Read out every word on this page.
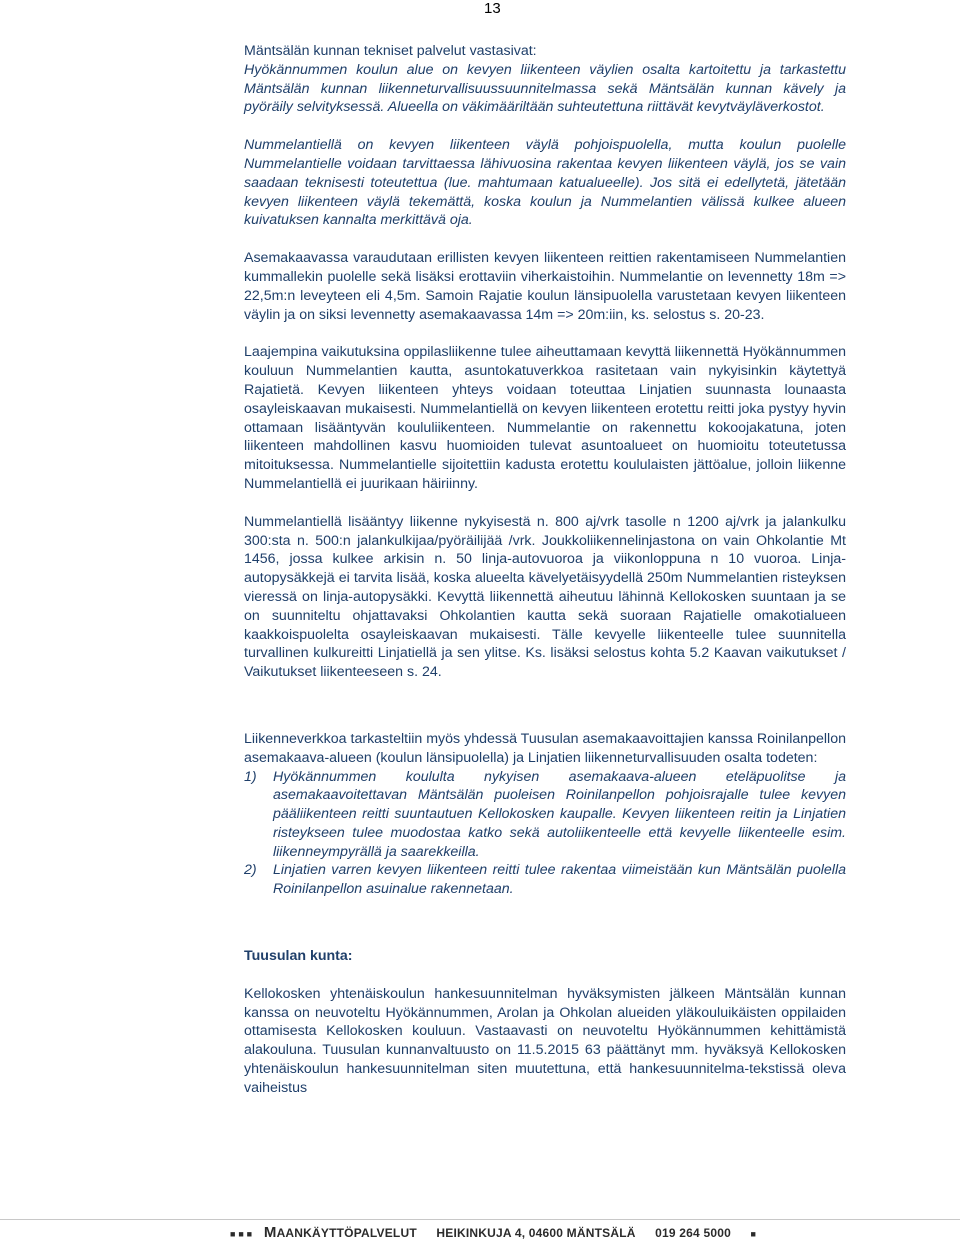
13

Mäntsälän kunnan tekniset palvelut vastasivat:

Hyökännummen koulun alue on kevyen liikenteen väylien osalta kartoitettu ja tarkastettu Mäntsälän kunnan liikenneturvallisuussuunnitelmassa sekä Mäntsälän kunnan kävely ja pyöräily selvityksessä. Alueella on väkimääriltään suhteutettuna riittävät kevytväyläverkostot.

Nummelantiellä on kevyen liikenteen väylä pohjoispuolella, mutta koulun puolelle Nummelantielle voidaan tarvittaessa lähivuosina rakentaa kevyen liikenteen väylä, jos se vain saadaan teknisesti toteutettua (lue. mahtumaan katualueelle). Jos sitä ei edellytetä, jätetään kevyen liikenteen väylä tekemättä, koska koulun ja Nummelantien välissä kulkee alueen kuivatuksen kannalta merkittävä oja.

Asemakaavassa varaudutaan erillisten kevyen liikenteen reittien rakentamiseen Nummelantien kummallekin puolelle sekä lisäksi erottaviin viherkaistoihin. Nummelantie on levennetty 18m => 22,5m:n leveyteen eli 4,5m. Samoin Rajatie koulun länsipuolella varustetaan kevyen liikenteen väylin ja on siksi levennetty asemakaavassa 14m => 20m:iin, ks. selostus s. 20-23.

Laajempina vaikutuksina oppilasliikenne tulee aiheuttamaan kevyttä liikennettä Hyökännummen kouluun Nummelantien kautta, asuntokatuverkkoa rasitetaan vain nykyisinkin käytettyä Rajatietä. Kevyen liikenteen yhteys voidaan toteuttaa Linjatien suunnasta lounaasta osayleiskaavan mukaisesti. Nummelantiellä on kevyen liikenteen erotettu reitti joka pystyy hyvin ottamaan lisääntyvän koululiikenteen. Nummelantie on rakennettu kokoojakatuna, joten liikenteen mahdollinen kasvu huomioiden tulevat asuntoalueet on huomioitu toteutetussa mitoituksessa. Nummelantielle sijoitettiin kadusta erotettu koululaisten jättöalue, jolloin liikenne Nummelantiellä ei juurikaan häiriinny.

Nummelantiellä lisääntyy liikenne nykyisestä n. 800 aj/vrk tasolle n 1200 aj/vrk ja jalankulku 300:sta n. 500:n jalankulkijaa/pyöräilijää /vrk. Joukkoliikennelinjastona on vain Ohkolantie Mt 1456, jossa kulkee arkisin n. 50 linja-autovuoroa ja viikonloppuna n 10 vuoroa. Linja-autopysäkkejä ei tarvita lisää, koska alueelta kävelyetäisyydellä 250m Nummelantien risteyksen vieressä on linja-autopysäkki. Kevyttä liikennettä aiheutuu lähinnä Kellokosken suuntaan ja se on suunniteltu ohjattavaksi Ohkolantien kautta sekä suoraan Rajatielle omakotialueen kaakkoispuolelta osayleiskaavan mukaisesti. Tälle kevyelle liikenteelle tulee suunnitella turvallinen kulkureitti Linjatiellä ja sen ylitse. Ks. lisäksi selostus kohta 5.2 Kaavan vaikutukset / Vaikutukset liikenteeseen s. 24.

Liikenneverkkoa tarkasteltiin myös yhdessä Tuusulan asemakaavoittajien kanssa Roinilanpellon asemakaava-alueen (koulun länsipuolella) ja Linjatien liikenneturvallisuuden osalta todeten:

1) Hyökännummen koululta nykyisen asemakaava-alueen eteläpuolitse ja asemakaavoitettavan Mäntsälän puoleisen Roinilanpellon pohjoisrajalle tulee kevyen pääliikenteen reitti suuntautuen Kellokosken kaupalle. Kevyen liikenteen reitin ja Linjatien risteykseen tulee muodostaa katko sekä autoliikenteelle että kevyelle liikenteelle esim. liikenneympyrällä ja saarekkeilla.
2) Linjatien varren kevyen liikenteen reitti tulee rakentaa viimeistään kun Mäntsälän puolella Roinilanpellon asuinalue rakennetaan.

Tuusulan kunta:

Kellokosken yhtenäiskoulun hankesuunnitelman hyväksymisten jälkeen Mäntsälän kunnan kanssa on neuvoteltu Hyökännummen, Arolan ja Ohkolan alueiden yläkouluikäisten oppilaiden ottamisesta Kellokosken kouluun. Vastaavasti on neuvoteltu Hyökännummen kehittämistä alakouluna. Tuusulan kunnanvaltuusto on 11.5.2015 63 päättänyt mm. hyväksyä Kellokosken yhtenäiskoulun hankesuunnitelman siten muutettuna, että hankesuunnitelma-tekstissä oleva vaiheistus

■ ■ ■ MAANKÄYTTÖPALVELUT HEIKINKUJA 4, 04600 MÄNTSÄLÄ 019 264 5000 ■
